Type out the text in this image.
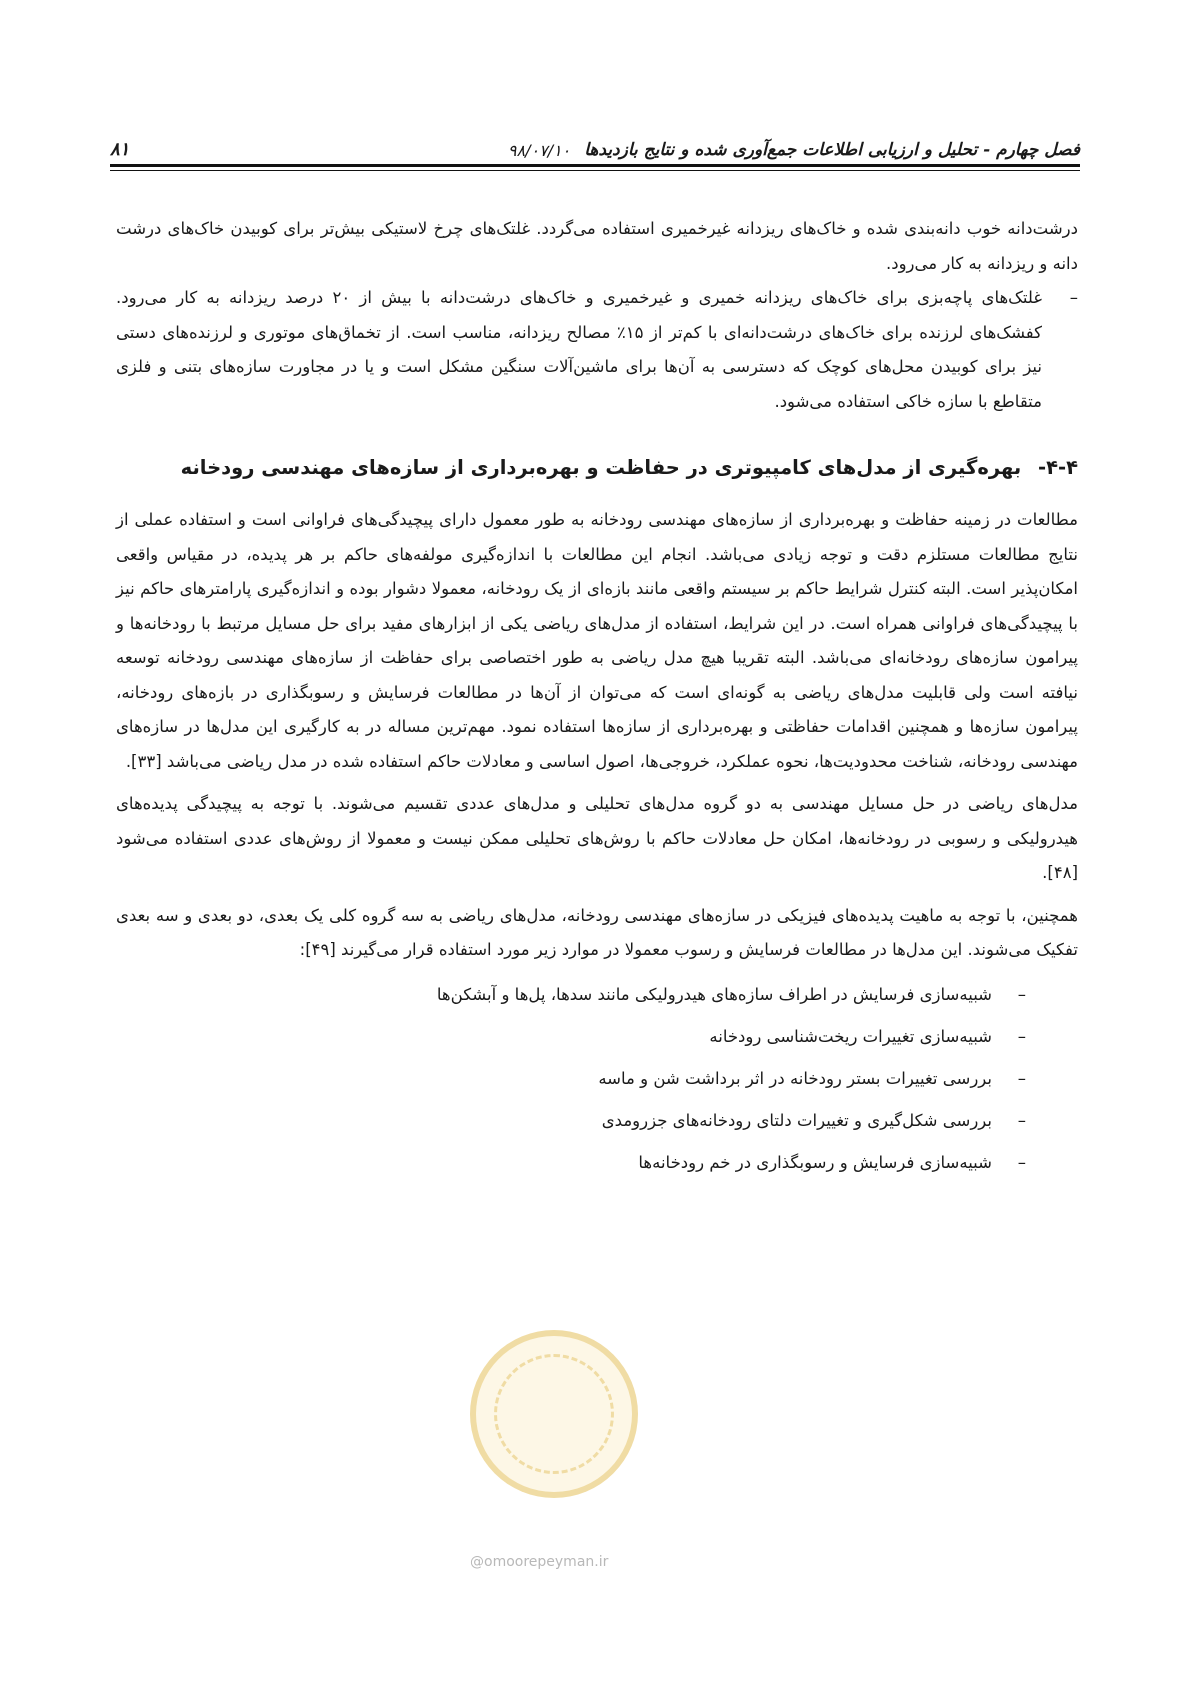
فصل چهارم - تحلیل و ارزیابی اطلاعات جمع‌آوری شده و نتایج بازدیدها
۹۸/۰۷/۱۰
۸۱

درشت‌دانه خوب دانه‌بندی شده و خاک‌های ریزدانه غیرخمیری استفاده می‌گردد. غلتک‌های چرخ لاستیکی بیش‌تر برای کوبیدن خاک‌های درشت دانه و ریزدانه به کار می‌رود.

–
غلتک‌های پاچه‌بزی برای خاک‌های ریزدانه خمیری و غیرخمیری و خاک‌های درشت‌دانه با بیش از ۲۰ درصد ریزدانه به کار می‌رود. کفشک‌های لرزنده برای خاک‌های درشت‌دانه‌ای با کم‌تر از ۱۵٪ مصالح ریزدانه، مناسب است. از تخماق‌های موتوری و لرزنده‌های دستی نیز برای کوبیدن محل‌های کوچک که دسترسی به آن‌ها برای ماشین‌آلات سنگین مشکل است و یا در مجاورت سازه‌های بتنی و فلزی متقاطع با سازه خاکی استفاده می‌شود.
۴-۴- بهره‌گیری از مدل‌های کامپیوتری در حفاظت و بهره‌برداری از سازه‌های مهندسی رودخانه

مطالعات در زمینه حفاظت و بهره‌برداری از سازه‌های مهندسی رودخانه به طور معمول دارای پیچیدگی‌های فراوانی است و استفاده عملی از نتایج مطالعات مستلزم دقت و توجه زیادی می‌باشد. انجام این مطالعات با اندازه‌گیری مولفه‌های حاکم بر هر پدیده، در مقیاس واقعی امکان‌پذیر است. البته کنترل شرایط حاکم بر سیستم واقعی مانند بازه‌ای از یک رودخانه، معمولا دشوار بوده و اندازه‌گیری پارامترهای حاکم نیز با پیچیدگی‌های فراوانی همراه است. در این شرایط، استفاده از مدل‌های ریاضی یکی از ابزارهای مفید برای حل مسایل مرتبط با رودخانه‌ها و پیرامون سازه‌های رودخانه‌ای می‌باشد. البته تقریبا هیچ مدل ریاضی به طور اختصاصی برای حفاظت از سازه‌های مهندسی رودخانه توسعه نیافته است ولی قابلیت مدل‌های ریاضی به گونه‌ای است که می‌توان از آن‌ها در مطالعات فرسایش و رسوبگذاری در بازه‌های رودخانه، پیرامون سازه‌ها و همچنین اقدامات حفاظتی و بهره‌برداری از سازه‌ها استفاده نمود. مهم‌ترین مساله در به کارگیری این مدل‌ها در سازه‌های مهندسی رودخانه، شناخت محدودیت‌ها، نحوه عملکرد، خروجی‌ها، اصول اساسی و معادلات حاکم استفاده شده در مدل ریاضی می‌باشد [۳۳].

مدل‌های ریاضی در حل مسایل مهندسی به دو گروه مدل‌های تحلیلی و مدل‌های عددی تقسیم می‌شوند. با توجه به پیچیدگی پدیده‌های هیدرولیکی و رسوبی در رودخانه‌ها، امکان حل معادلات حاکم با روش‌های تحلیلی ممکن نیست و معمولا از روش‌های عددی استفاده می‌شود [۴۸].

همچنین، با توجه به ماهیت پدیده‌های فیزیکی در سازه‌های مهندسی رودخانه، مدل‌های ریاضی به سه گروه کلی یک بعدی، دو بعدی و سه بعدی تفکیک می‌شوند. این مدل‌ها در مطالعات فرسایش و رسوب معمولا در موارد زیر مورد استفاده قرار می‌گیرند [۴۹]:

–
شبیه‌سازی فرسایش در اطراف سازه‌های هیدرولیکی مانند سدها، پل‌ها و آبشکن‌ها
–
شبیه‌سازی تغییرات ریخت‌شناسی رودخانه
–
بررسی تغییرات بستر رودخانه در اثر برداشت شن و ماسه
–
بررسی شکل‌گیری و تغییرات دلتای رودخانه‌های جزرومدی
–
شبیه‌سازی فرسایش و رسوبگذاری در خم رودخانه‌ها
@omoorepeyman.ir
